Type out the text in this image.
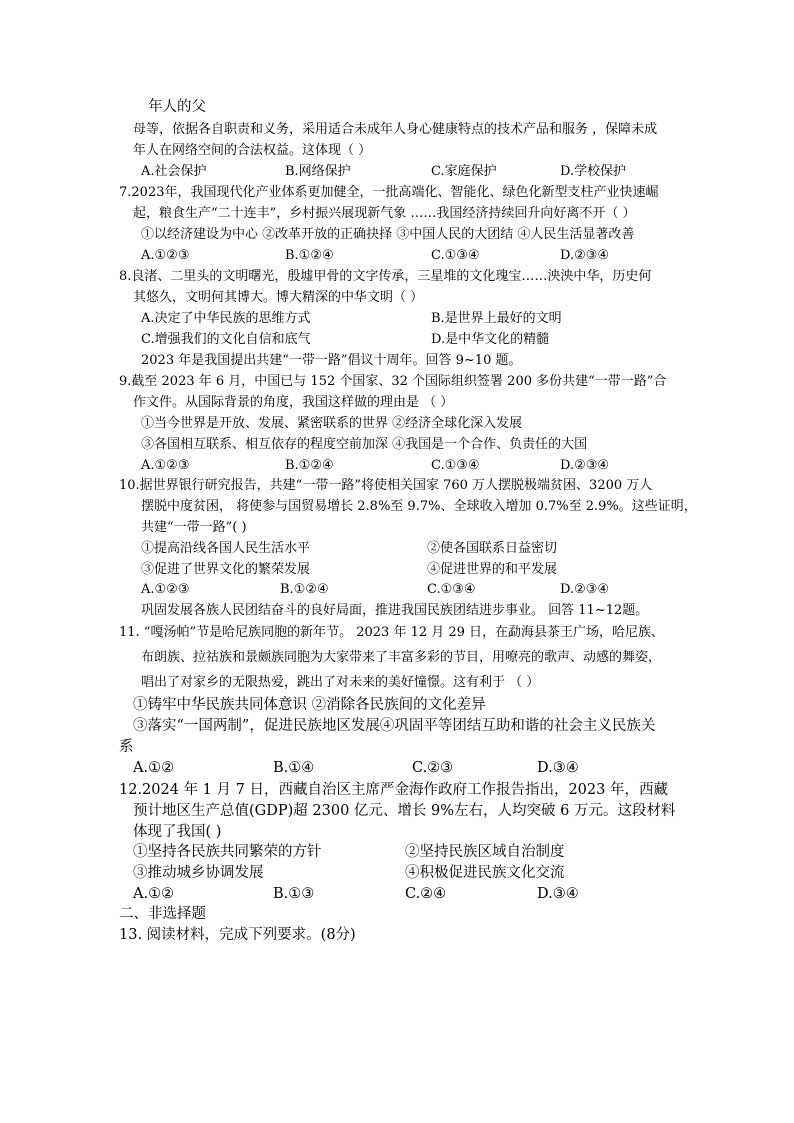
年人的父
母等，依据各自职责和义务，采用适合未成年人身心健康特点的技术产品和服务 ，保障未成
年人在网络空间的合法权益。这体现（ ）
A.社会保护	B.网络保护	C.家庭保护	D.学校保护
7.2023年，我国现代化产业体系更加健全，一批高端化、智能化、绿色化新型支柱产业快速崛
起，粮食生产“二十连丰”，乡村振兴展现新气象 ……我国经济持续回升向好离不开（ ）
①以经济建设为中心 ②改革开放的正确抉择 ③中国人民的大团结 ④人民生活显著改善
A.①②③	B.①②④	C.①③④	D.②③④
8.良渚、二里头的文明曙光，殷墟甲骨的文字传承，三星堆的文化瑰宝……泱泱中华，历史何
其悠久，文明何其博大。博大精深的中华文明（ ）
A.决定了中华民族的思维方式	B.是世界上最好的文明
C.增强我们的文化自信和底气	D.是中华文化的精髓
2023 年是我国提出共建“一带一路”倡议十周年。回答 9~10 题。
9.截至 2023 年 6 月，中国已与 152 个国家、32 个国际组织签署 200 多份共建“一带一路”合
作文件。从国际背景的角度，我国这样做的理由是 （ ）
①当今世界是开放、发展、紧密联系的世界 ②经济全球化深入发展
③各国相互联系、相互依存的程度空前加深 ④我国是一个合作、负责任的大国
A.①②③	B.①②④	C.①③④	D.②③④
10.据世界银行研究报告，共建“一带一路”将使相关国家 760 万人摆脱极端贫困、3200 万人
摆脱中度贫困， 将使参与国贸易增长 2.8%至 9.7%、全球收入增加 0.7%至 2.9%。这些证明，
共建“一带一路”( )
①提高沿线各国人民生活水平	②使各国联系日益密切
③促进了世界文化的繁荣发展	④促进世界的和平发展
A.①②③	B.①②④	C.①③④	D.②③④
巩固发展各族人民团结奋斗的良好局面，推进我国民族团结进步事业。 回答 11~12题。
11. “嘎汤帕”节是哈尼族同胞的新年节。 2023 年 12 月 29 日，在勐海县茶王广场，哈尼族、
布朗族、拉祜族和景颇族同胞为大家带来了丰富多彩的节目，用嘹亮的歌声、动感的舞姿，
唱出了对家乡的无限热爱，跳出了对未来的美好憧憬。这有利于 （ ）
①铸牢中华民族共同体意识 ②消除各民族间的文化差异
③落实“一国两制”，促进民族地区发展④巩固平等团结互助和谐的社会主义民族关
系
A.①②	B.①④	C.②③	D.③④
12.2024 年 1 月 7 日，西藏自治区主席严金海作政府工作报告指出，2023 年，西藏
预计地区生产总值(GDP)超 2300 亿元、增长 9%左右，人均突破 6 万元。这段材料
体现了我国( )
①坚持各民族共同繁荣的方针	②坚持民族区域自治制度
③推动城乡协调发展	④积极促进民族文化交流
A.①②	B.①③	C.②④	D.③④
二、非选择题
13. 阅读材料，完成下列要求。(8分)
